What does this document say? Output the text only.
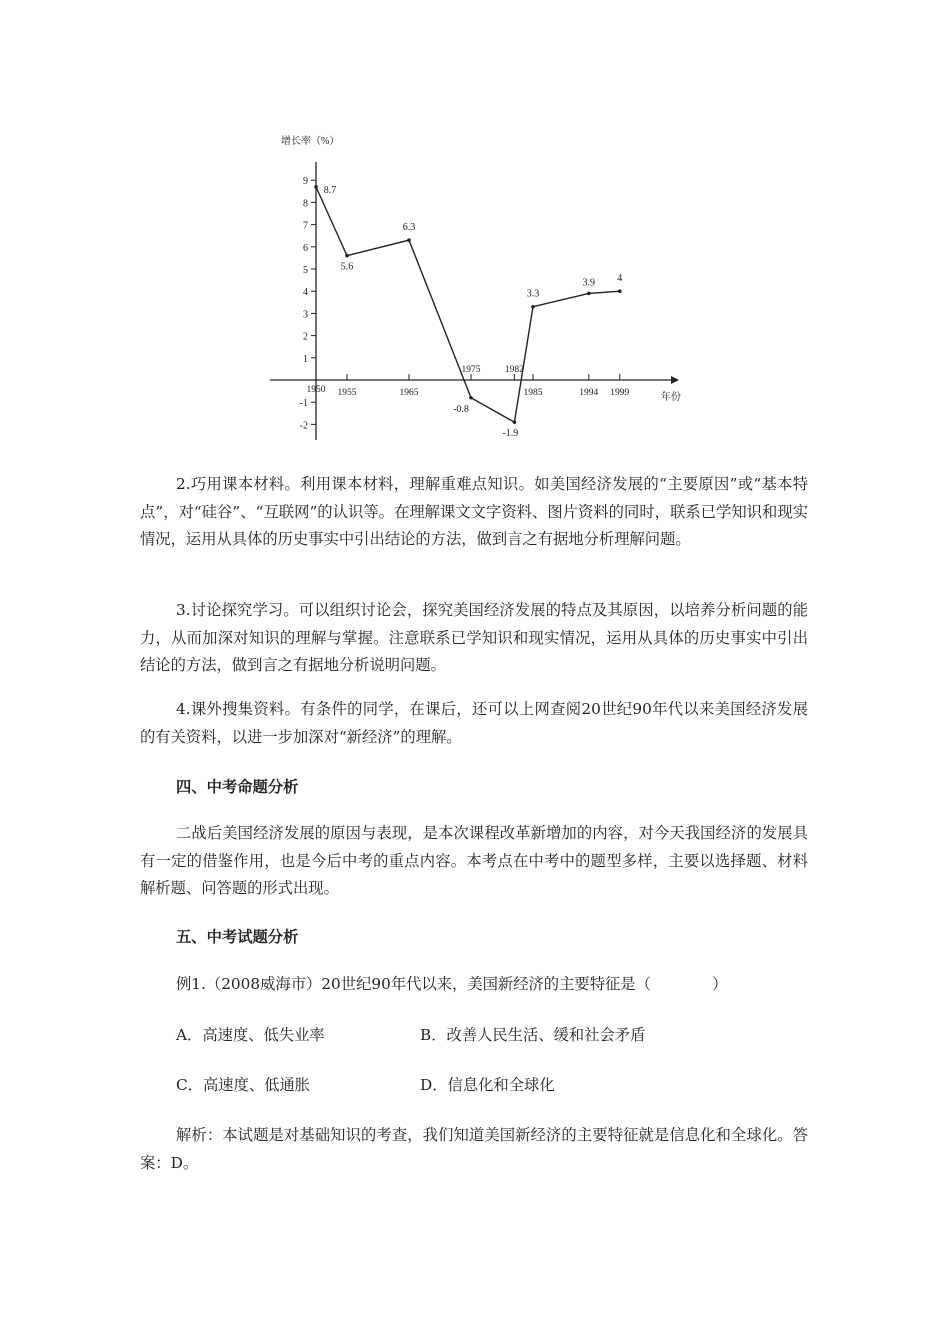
增长率（%）
年份
9
8
7
6
5
4
3
2
1
-1
-2
1950 1955	1965
1975	1982
1985	1994 1999
8.7
5.6
6.3
-0.8
-1.9
3.3
3.9 4

2.巧用课本材料。利用课本材料，理解重难点知识。如美国经济发展的“主要原因”或“基本特点”，对“硅谷”、“互联网”的认识等。在理解课文文字资料、图片资料的同时，联系已学知识和现实情况，运用从具体的历史事实中引出结论的方法，做到言之有据地分析理解问题。

3.讨论探究学习。可以组织讨论会，探究美国经济发展的特点及其原因，以培养分析问题的能力，从而加深对知识的理解与掌握。注意联系已学知识和现实情况，运用从具体的历史事实中引出结论的方法，做到言之有据地分析说明问题。

4.课外搜集资料。有条件的同学，在课后，还可以上网查阅20世纪90年代以来美国经济发展的有关资料，以进一步加深对“新经济”的理解。

四、中考命题分析

二战后美国经济发展的原因与表现，是本次课程改革新增加的内容，对今天我国经济的发展具有一定的借鉴作用，也是今后中考的重点内容。本考点在中考中的题型多样，主要以选择题、材料解析题、问答题的形式出现。

五、中考试题分析

例1.（2008威海市）20世纪90年代以来，美国新经济的主要特征是（　　　　）

A．高速度、低失业率	B．改善人民生活、缓和社会矛盾

C．高速度、低通胀	D．信息化和全球化

解析：本试题是对基础知识的考查，我们知道美国新经济的主要特征就是信息化和全球化。答案：D。
